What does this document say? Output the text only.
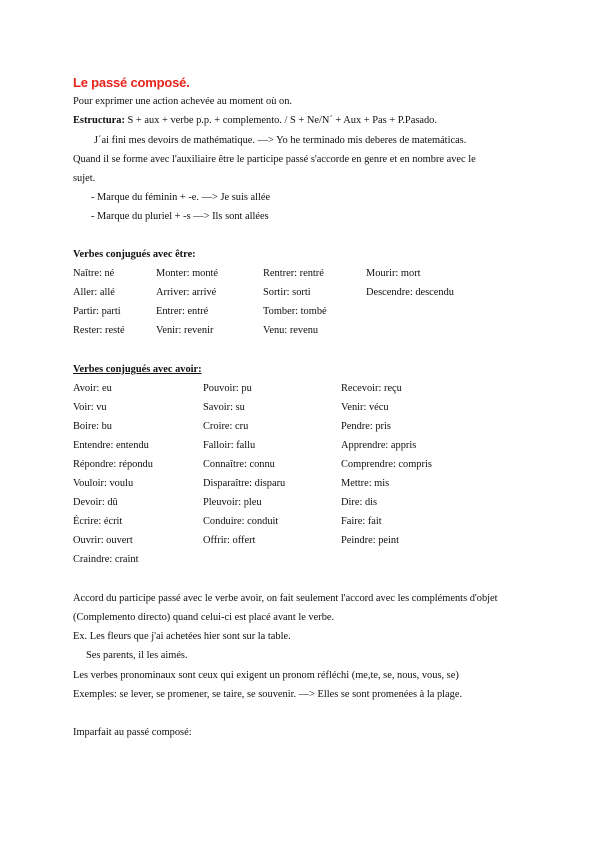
Le passé composé.
Pour exprimer une action achevée au moment où on.
Estructura: S + aux + verbe p.p. + complemento. / S + Ne/N´ + Aux + Pas + P.Pasado.
J´ai fini mes devoirs de mathématique. —> Yo he terminado mis deberes de matemáticas.
Quand il se forme avec l'auxiliaire être le participe passé s'accorde en genre et en nombre avec le
sujet.
- Marque du féminin + -e. —> Je suis allée
- Marque du pluriel + -s —> Ils sont allées
Verbes conjugués avec être:
Naître: né	Monter: monté	Rentrer: rentré	Mourir: mort
Aller: allé	Arriver: arrivé	Sortir: sorti	Descendre: descendu
Partir: parti	Entrer: entré	Tomber: tombé
Rester: resté	Venir: revenir	Venu: revenu
Verbes conjugués avec avoir:
Avoir: eu	Pouvoir: pu	Recevoir: reçu
Voir: vu	Savoir: su	Venir: vécu
Boire: bu	Croire: cru	Pendre: pris
Entendre: entendu	Falloir: fallu	Apprendre: appris
Répondre: répondu	Connaître: connu	Comprendre: compris
Vouloir: voulu	Disparaître: disparu	Mettre: mis
Devoir: dû	Pleuvoir: pleu	Dire: dis
Écrire: écrit	Conduire: conduit	Faire: fait
Ouvrir: ouvert	Offrir: offert	Peindre: peint
Craindre: craint
Accord du participe passé avec le verbe avoir, on fait seulement l'accord avec les compléments d'objet
(Complemento directo) quand celui-ci est placé avant le verbe.
Ex. Les fleurs que j'ai achetées hier sont sur la table.
Ses parents, il les aimés.
Les verbes pronominaux sont ceux qui exigent un pronom réfléchi (me,te, se, nous, vous, se)
Exemples: se lever, se promener, se taire, se souvenir. —> Elles se sont promenées à la plage.
Imparfait au passé composé:
